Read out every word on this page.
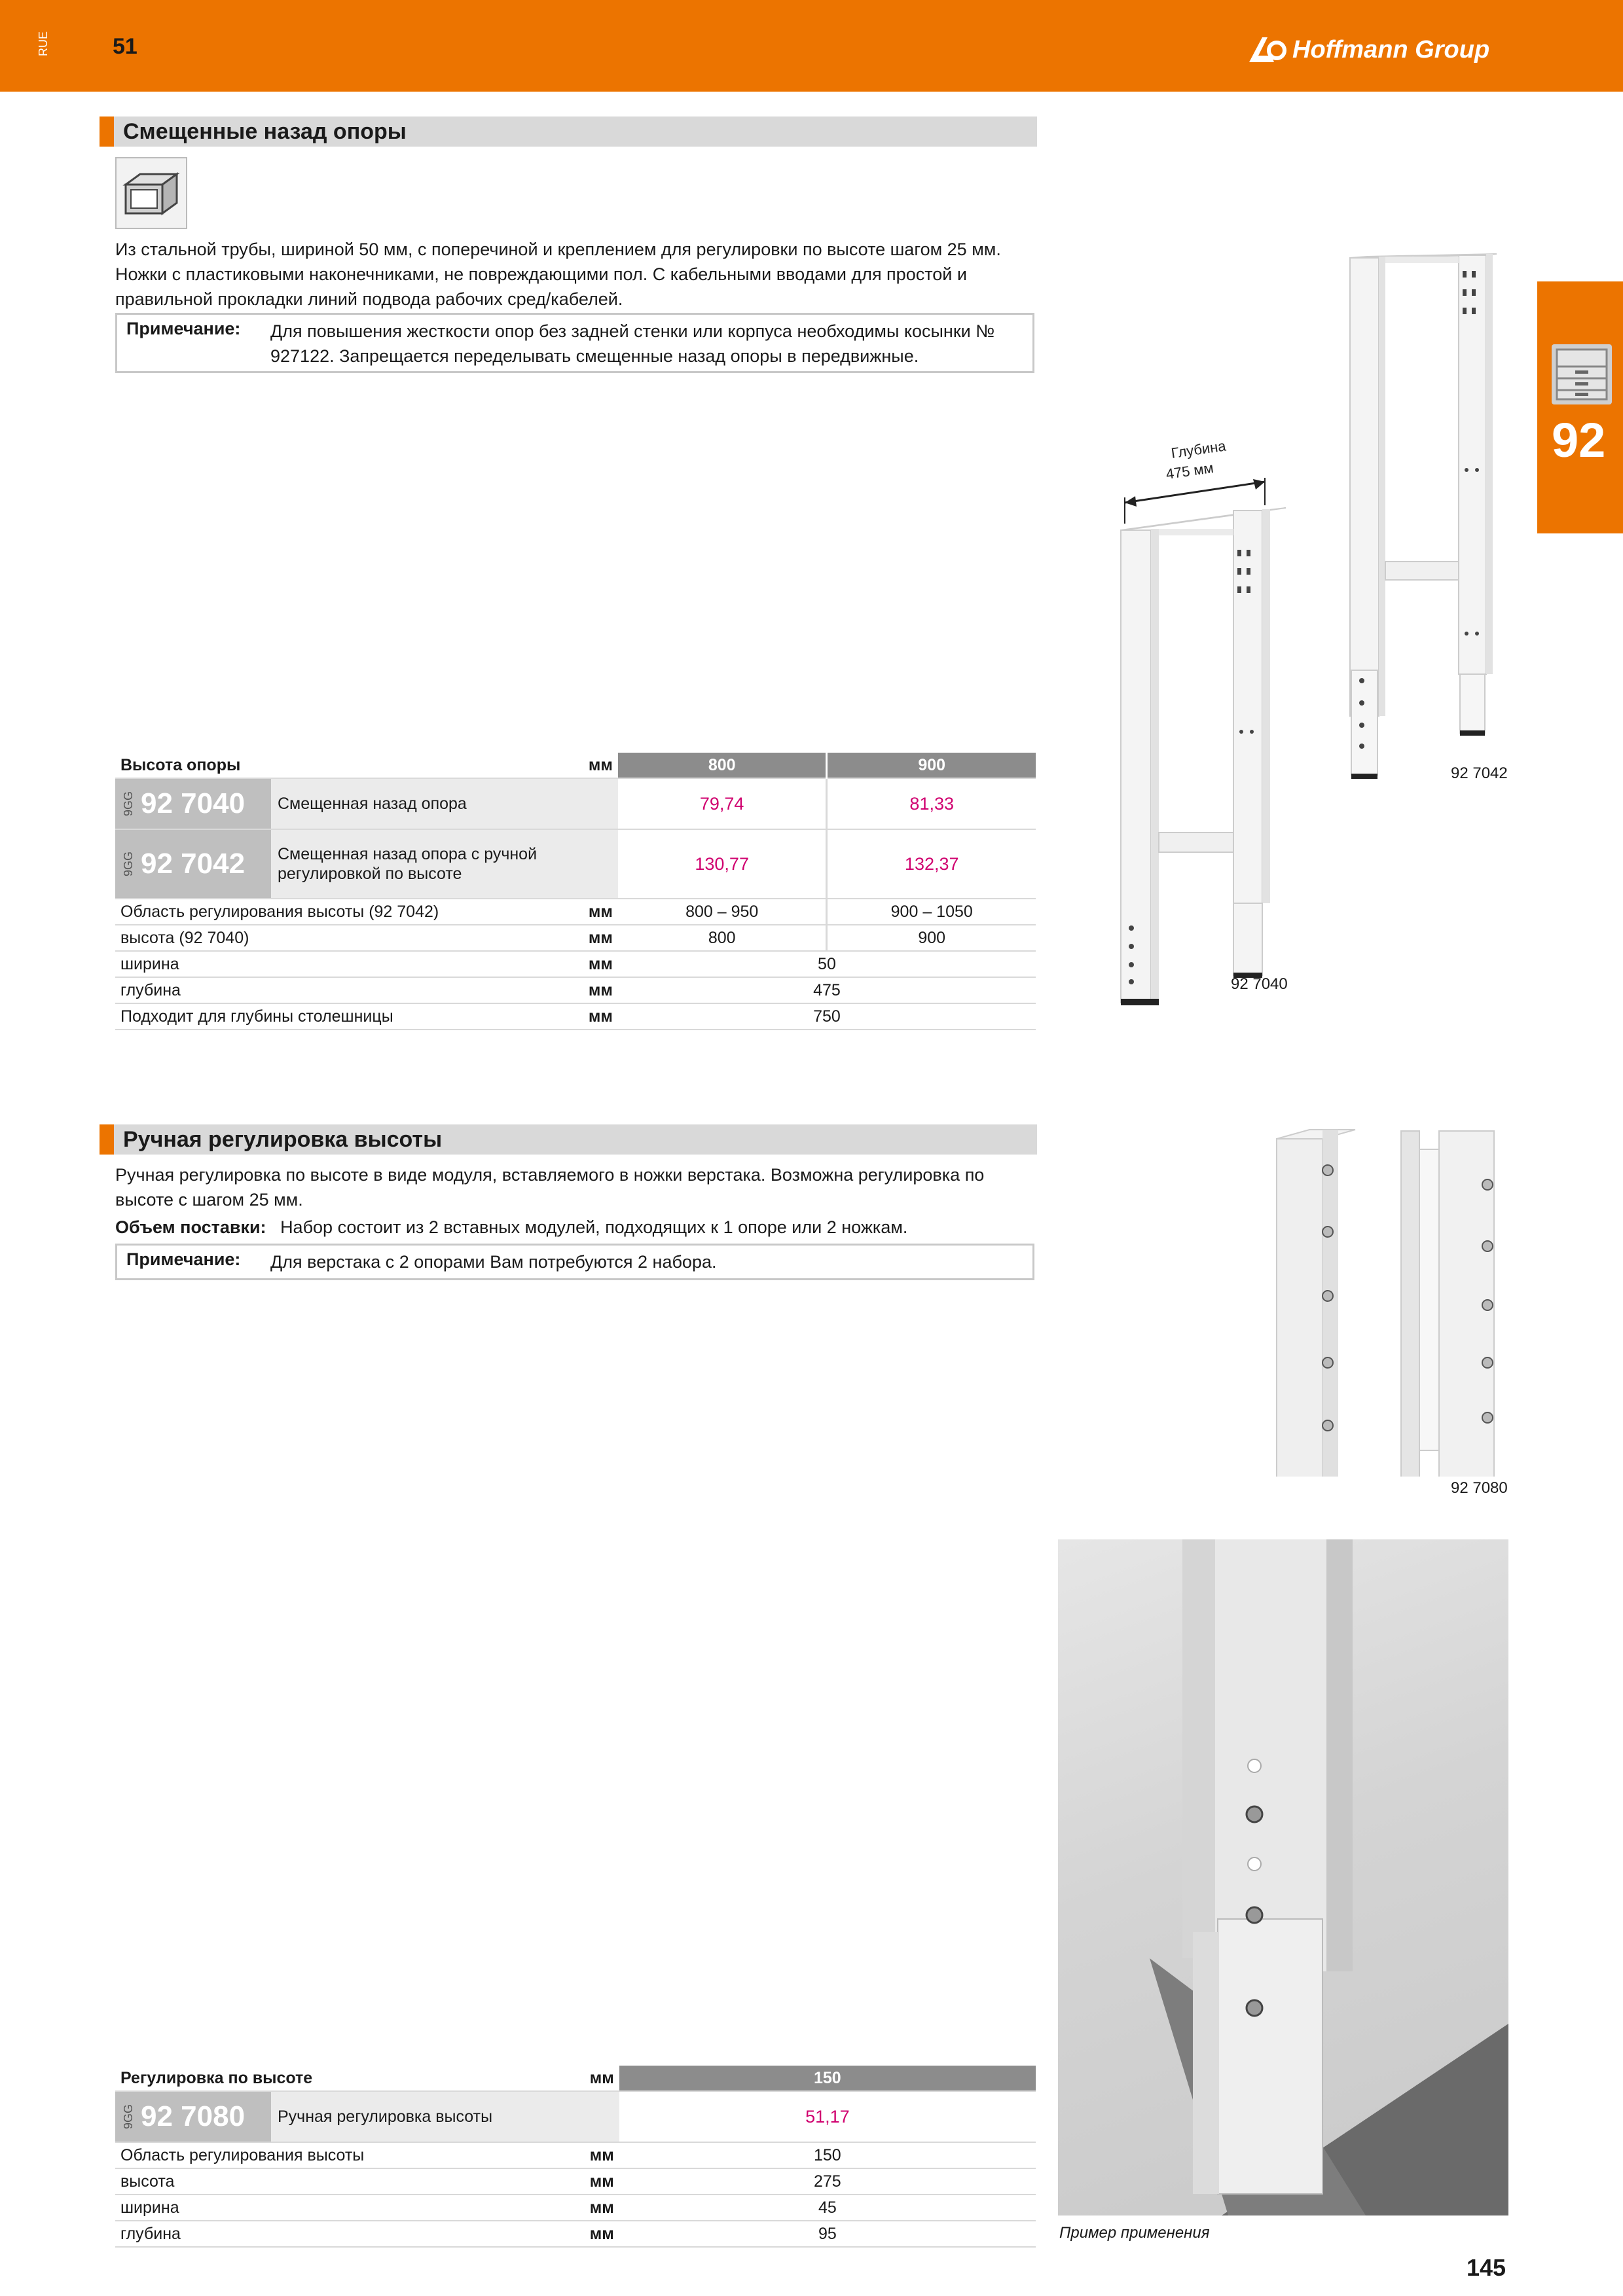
RUE	51	Hoffmann Group
92
Смещенные назад опоры
Из стальной трубы, шириной 50 мм, с поперечиной и креплением для регулировки по высоте шагом 25 мм. Ножки с пластиковыми наконечниками, не повреждающими пол. С кабельными вводами для простой и правильной прокладки линий подвода рабочих сред/кабелей.
Примечание: Для повышения жесткости опор без задней стенки или корпуса необходимы косынки № 927122. Запрещается переделывать смещенные назад опоры в передвижные.
Глубина
475 мм
92 7040
92 7042
Высота опоры	мм	800	900

9GG 92 7040 Смещенная назад опора		79,74	81,33

9GG 92 7042 Смещенная назад опора с ручной регулировкой по высоте		130,77	132,37
Область регулирования высоты (92 7042)	мм	800 – 950	900 – 1050
высота (92 7040)	мм	800	900
ширина	мм	50	
глубина	мм	475	
Подходит для глубины столешницы	мм	750	
Ручная регулировка высоты
Ручная регулировка по высоте в виде модуля, вставляемого в ножки верстака. Возможна регулировка по высоте с шагом 25 мм.
Объем поставки: Набор состоит из 2 вставных модулей, подходящих к 1 опоре или 2 ножкам.
Примечание: Для верстака с 2 опорами Вам потребуются 2 набора.
92 7080
Пример применения
Регулировка по высоте	мм	150

9GG 92 7080 Ручная регулировка высоты		51,17
Область регулирования высоты	мм	150
высота	мм	275
ширина	мм	45
глубина	мм	95
145
